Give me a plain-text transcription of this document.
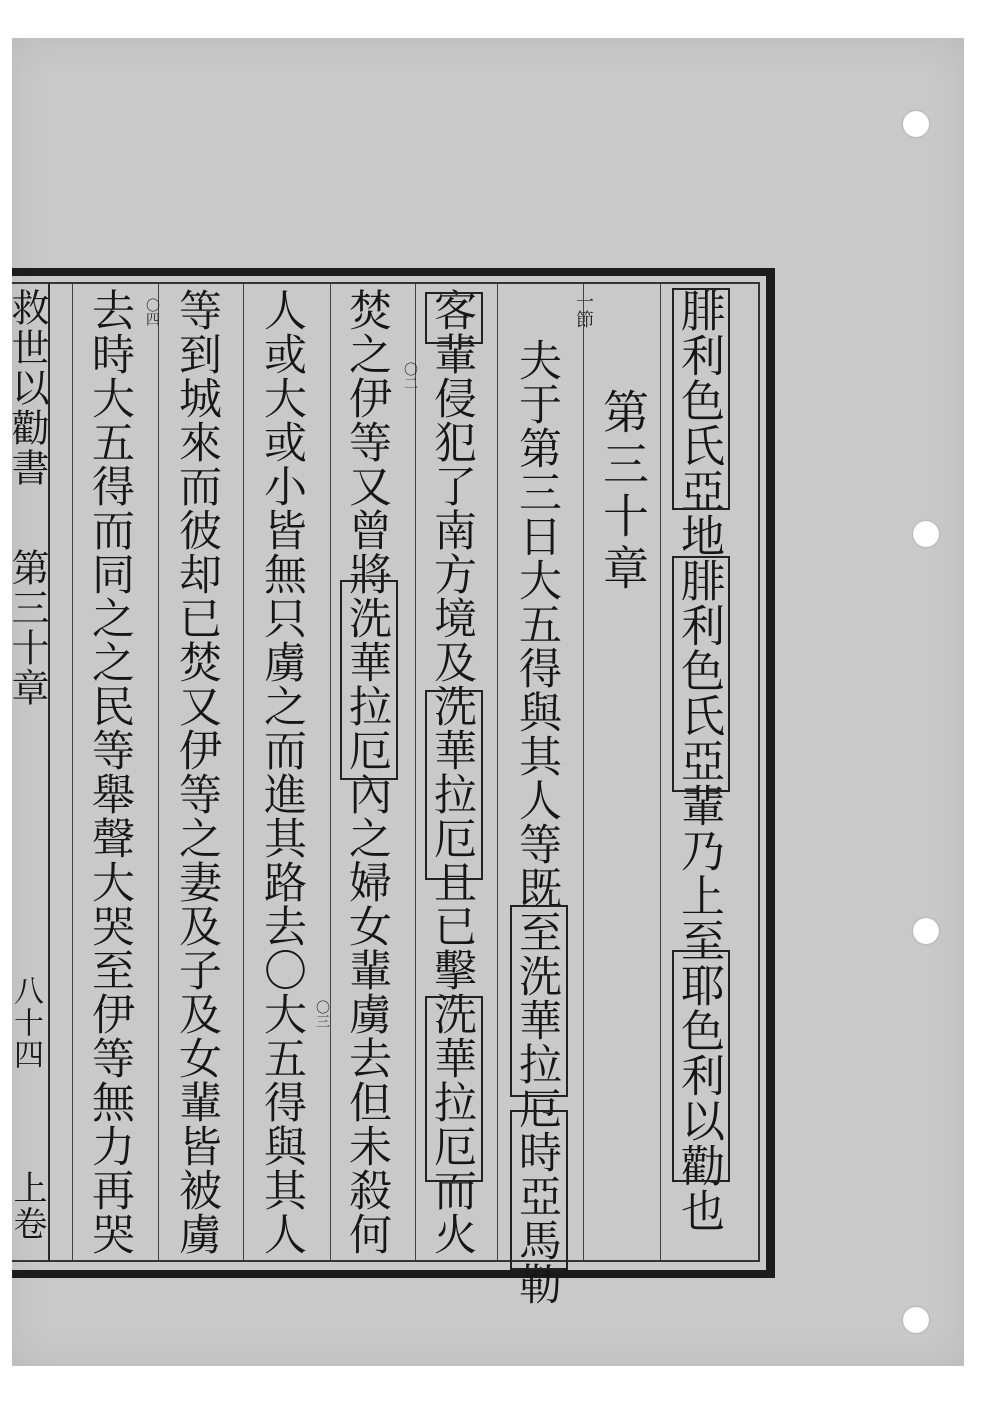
腓利色氏亞地腓利色氏亞輩乃上至耶色利以勸也
第三十章
夫于第三日大五得與其人等既至洗華拉厄時亞馬勒
客輩侵犯了南方境及洗華拉厄且已擊洗華拉厄而火
焚之伊等又曾將洗華拉厄內之婦女輩虜去但未殺何
人或大或小皆無只虜之而進其路去〇大五得與其人
等到城來而彼却已焚又伊等之妻及子及女輩皆被虜
去時大五得而同之之民等舉聲大哭至伊等無力再哭	一節
〇二
〇三
〇四
救世以勸書
第三十章
八十四
上卷
